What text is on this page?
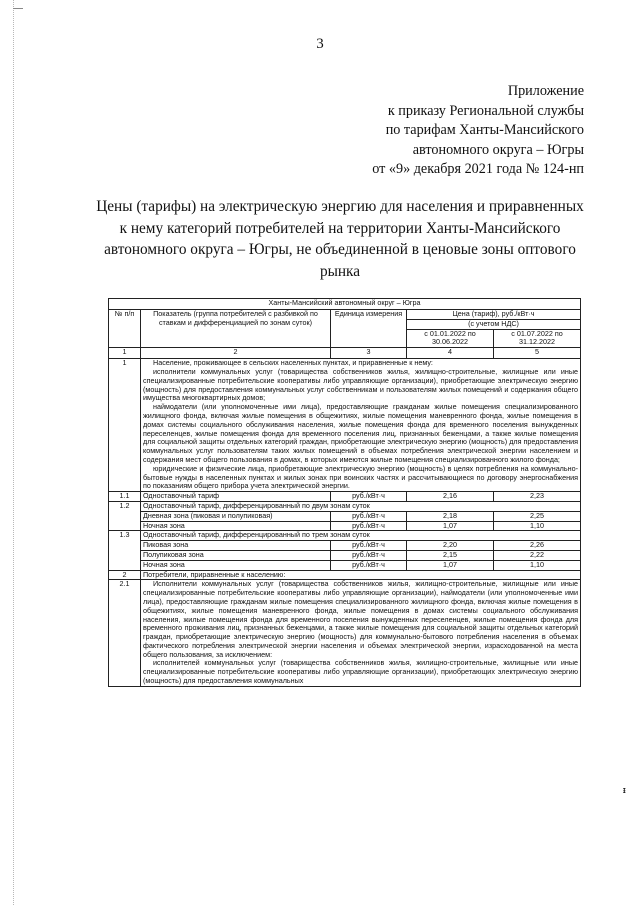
3
Приложение
к приказу Региональной службы
по тарифам Ханты-Мансийского
автономного округа – Югры
от «9» декабря 2021 года № 124-нп
Цены (тарифы) на электрическую энергию для населения и приравненных
к нему категорий потребителей на территории Ханты-Мансийского
автономного округа – Югры, не объединенной в ценовые зоны оптового
рынка
Ханты-Мансийский автономный округ – Югра				
№ п/п	Показатель (группа потребителей с разбивкой по ставкам и дифференциацией по зонам суток)	Единица измерения	Цена (тариф), руб./кВт·ч	
			(с учетом НДС)	
			с 01.01.2022 по 30.06.2022	с 01.07.2022 по 31.12.2022
1	2	3	4	5
1	Население, проживающее в сельских населенных пунктах, и приравненные к нему:

исполнители коммунальных услуг (товарищества собственников жилья, жилищно-строительные, жилищные или иные специализированные потребительские кооперативы либо управляющие организации), приобретающие электрическую энергию (мощность) для предоставления коммунальных услуг собственникам и пользователям жилых помещений и содержания общего имущества многоквартирных домов;

наймодатели (или уполномоченные ими лица), предоставляющие гражданам жилые помещения специализированного жилищного фонда, включая жилые помещения в общежитиях, жилые помещения маневренного фонда, жилые помещения в домах системы социального обслуживания населения, жилые помещения фонда для временного поселения вынужденных переселенцев, жилые помещения фонда для временного поселения лиц, признанных беженцами, а также жилые помещения для социальной защиты отдельных категорий граждан, приобретающие электрическую энергию (мощность) для предоставления коммунальных услуг пользователям таких жилых помещений в объемах потребления электрической энергии населением и содержания мест общего пользования в домах, в которых имеются жилые помещения специализированного жилого фонда;

юридические и физические лица, приобретающие электрическую энергию (мощность) в целях потребления на коммунально-бытовые нужды в населенных пунктах и жилых зонах при воинских частях и рассчитывающиеся по договору энергоснабжения по показаниям общего прибора учета электрической энергии.			

1.1	Одноставочный тариф	руб./кВт·ч	2,16	2,23
1.2	Одноставочный тариф, дифференцированный по двум зонам суток			
	Дневная зона (пиковая и полупиковая)	руб./кВт·ч	2,18	2,25
	Ночная зона	руб./кВт·ч	1,07	1,10
1.3	Одноставочный тариф, дифференцированный по трем зонам суток			
	Пиковая зона	руб./кВт·ч	2,20	2,26
	Полупиковая зона	руб./кВт·ч	2,15	2,22
	Ночная зона	руб./кВт·ч	1,07	1,10
2	Потребители, приравненные к населению:			
2.1	Исполнители коммунальных услуг (товарищества собственников жилья, жилищно-строительные, жилищные или иные специализированные потребительские кооперативы либо управляющие организации), наймодатели (или уполномоченные ими лица), предоставляющие гражданам жилые помещения специализированного жилищного фонда, включая жилые помещения в общежитиях, жилые помещения маневренного фонда, жилые помещения в домах системы социального обслуживания населения, жилые помещения фонда для временного поселения вынужденных переселенцев, жилые помещения фонда для временного проживания лиц, признанных беженцами, а также жилые помещения для социальной защиты отдельных категорий граждан, приобретающие электрическую энергию (мощность) для коммунально-бытового потребления населения в объемах фактического потребления электрической энергии населения и объемах электрической энергии, израсходованной на места общего пользования, за исключением:

исполнителей коммунальных услуг (товарищества собственников жилья, жилищно-строительные, жилищные или иные специализированные потребительские кооперативы либо управляющие организации), приобретающих электрическую энергию (мощность) для предоставления коммунальных			

ᵻ
